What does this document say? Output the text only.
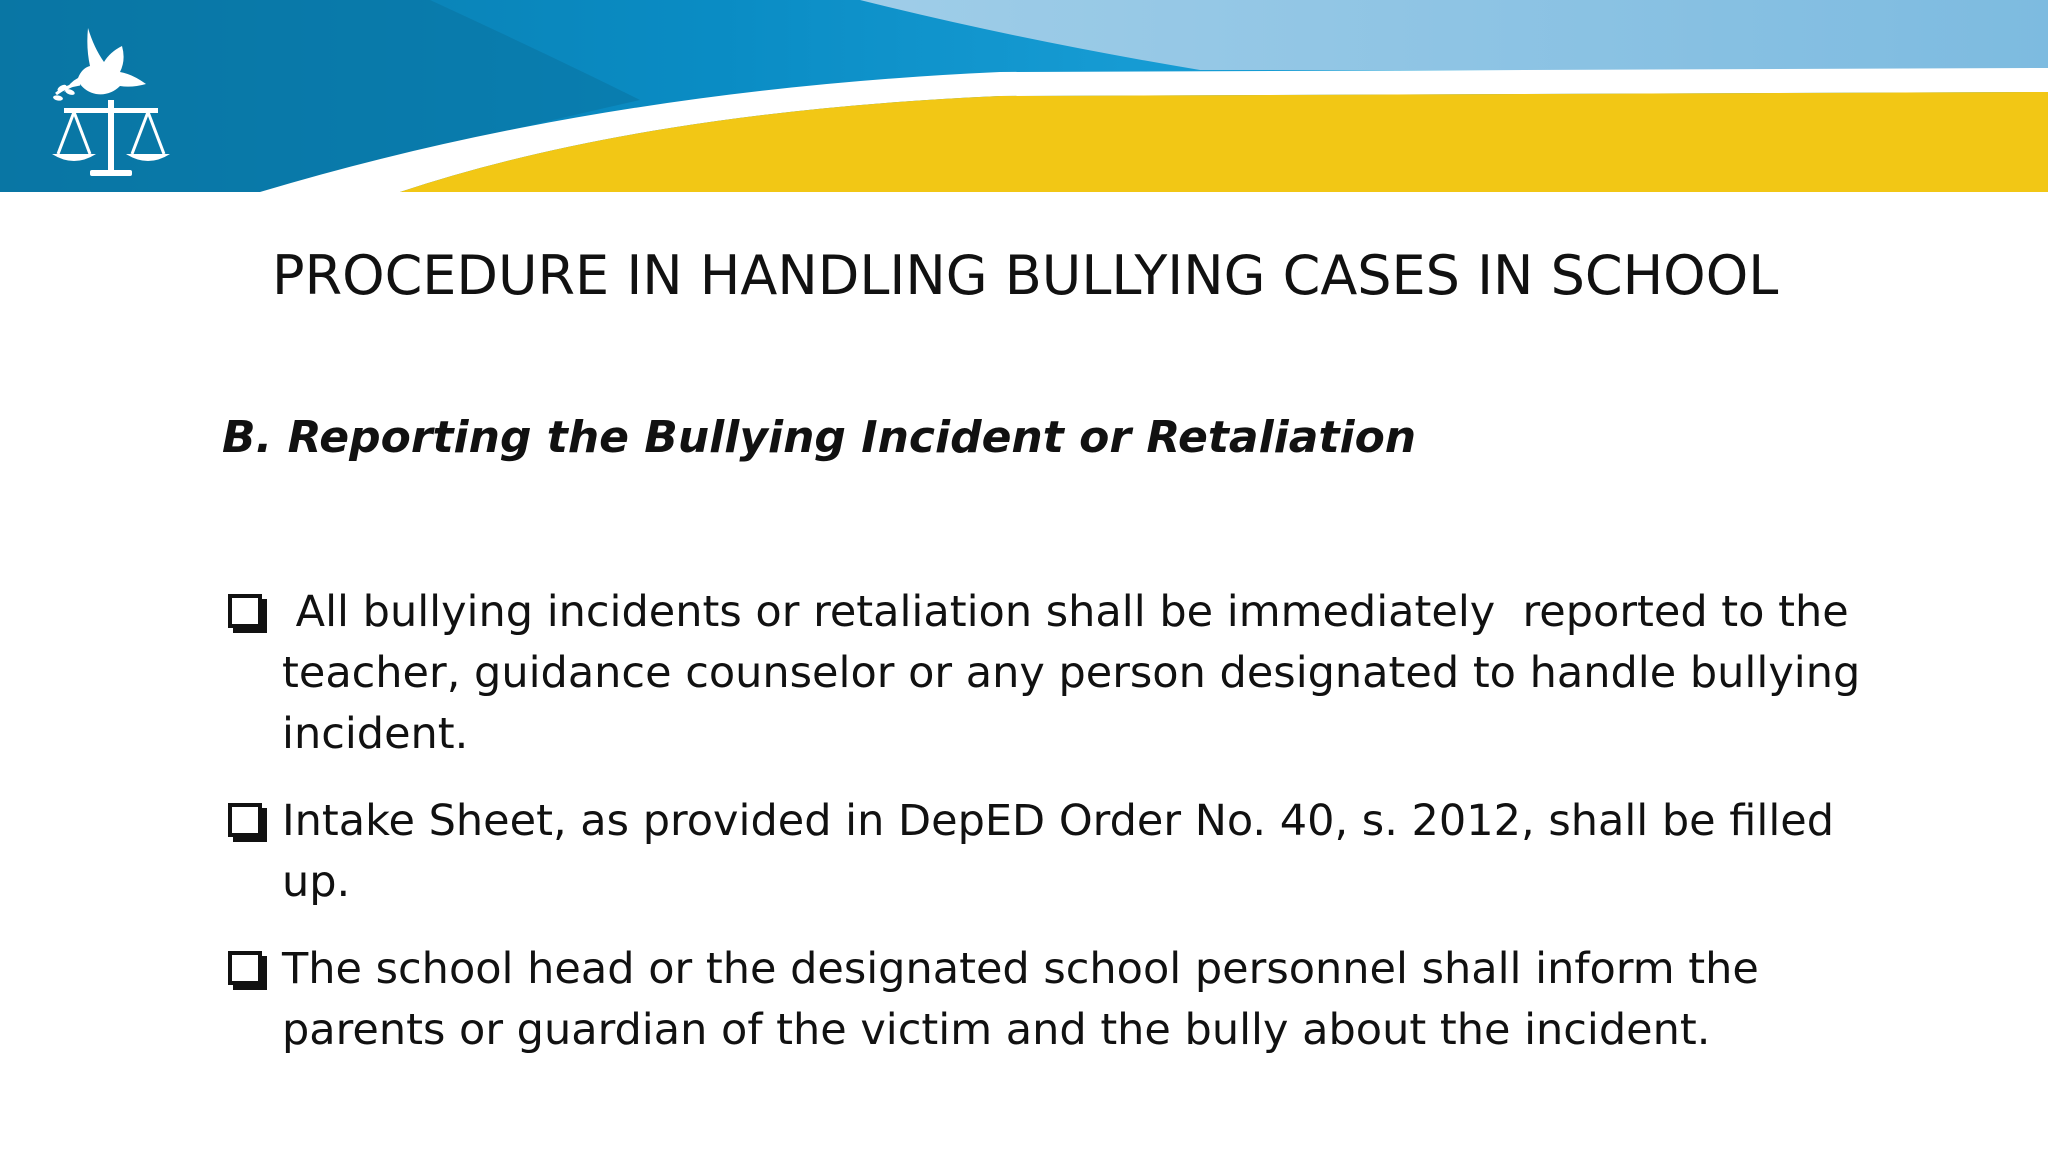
PROCEDURE IN HANDLING BULLYING CASES IN SCHOOL
B. Reporting the Bullying Incident or Retaliation
All bullying incidents or retaliation shall be immediately  reported to the teacher, guidance counselor or any person designated to handle bullying incident.
Intake Sheet, as provided in DepED Order No. 40, s. 2012, shall be filled up.
The school head or the designated school personnel shall inform the parents or guardian of the victim and the bully about the incident.
